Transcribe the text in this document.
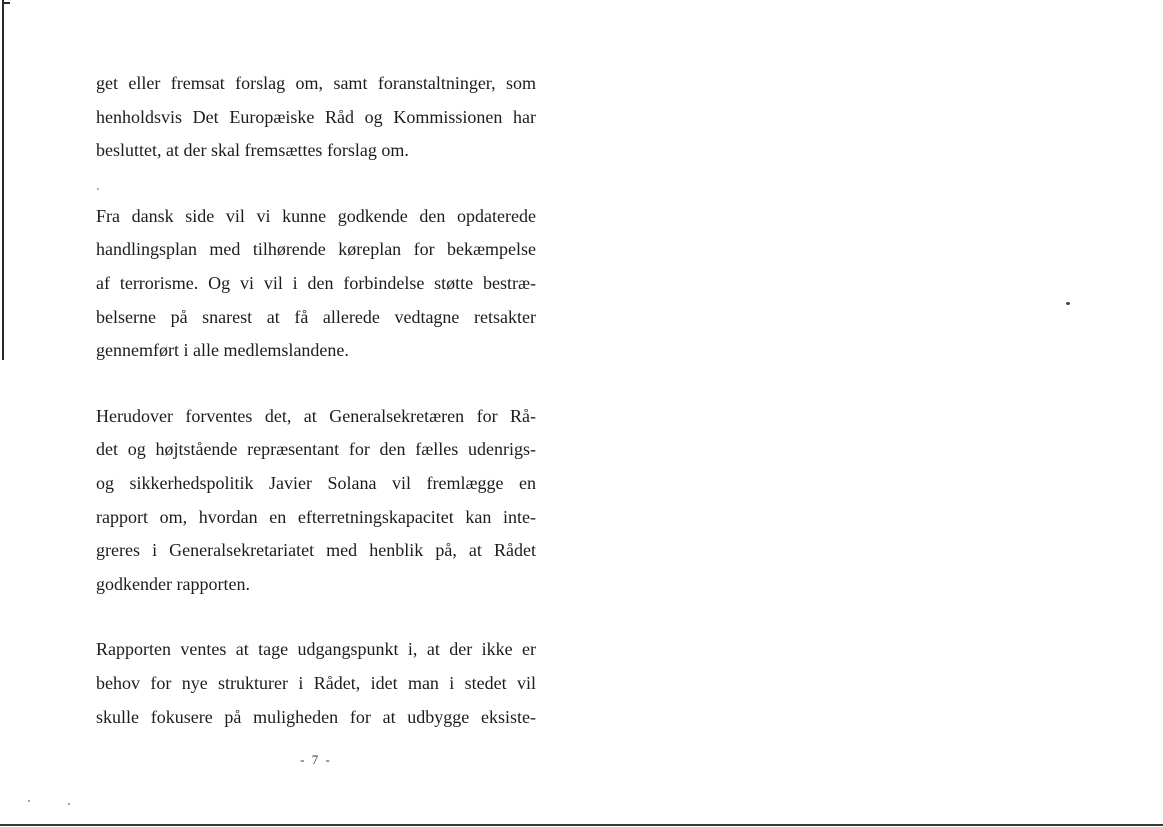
get eller fremsat forslag om, samt foranstaltninger, som
henholdsvis Det Europæiske Råd og Kommissionen har
besluttet, at der skal fremsættes forslag om.

Fra dansk side vil vi kunne godkende den opdaterede
handlingsplan med tilhørende køreplan for bekæmpelse
af terrorisme. Og vi vil i den forbindelse støtte bestræ-
belserne på snarest at få allerede vedtagne retsakter
gennemført i alle medlemslandene.

Herudover forventes det, at Generalsekretæren for Rå-
det og højtstående repræsentant for den fælles udenrigs-
og sikkerhedspolitik Javier Solana vil fremlægge en
rapport om, hvordan en efterretningskapacitet kan inte-
greres i Generalsekretariatet med henblik på, at Rådet
godkender rapporten.

Rapporten ventes at tage udgangspunkt i, at der ikke er
behov for nye strukturer i Rådet, idet man i stedet vil
skulle fokusere på muligheden for at udbygge eksiste-

- 7 -
